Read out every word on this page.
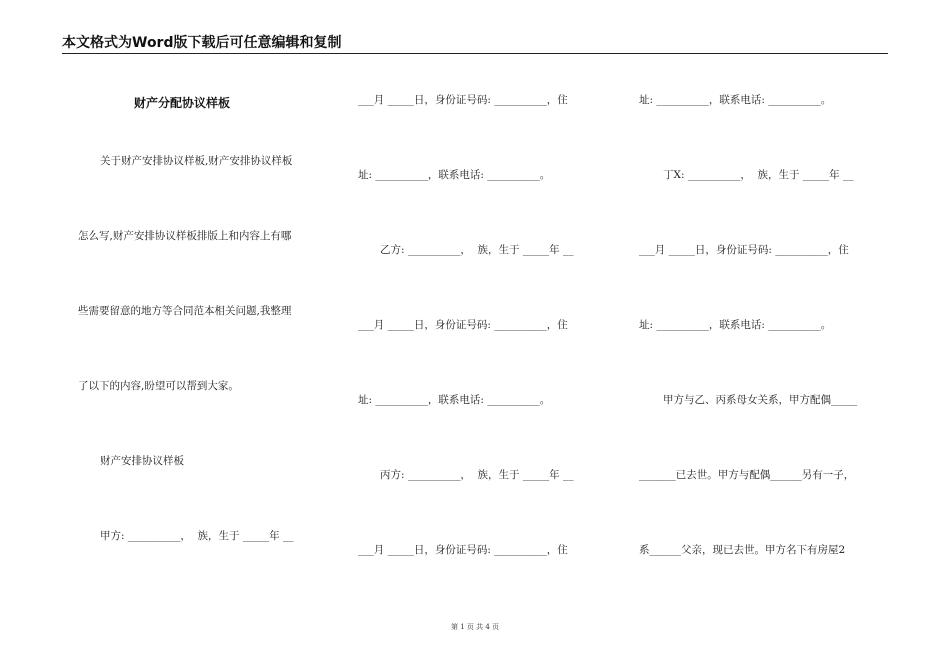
本文格式为Word版下载后可任意编辑和复制
财产分配协议样板
关于财产安排协议样板,财产安排协议样板
怎么写,财产安排协议样板排版上和内容上有哪
些需要留意的地方等合同范本相关问题,我整理
了以下的内容,盼望可以帮到大家。
财产安排协议样板
甲方: __________，  族，生于 _____年 __
___月 _____日，身份证号码: __________，住
址: __________，联系电话: __________。
乙方: __________，  族，生于 _____年 __
___月 _____日，身份证号码: __________，住
址: __________，联系电话: __________。
丙方: __________，  族，生于 _____年 __
___月 _____日，身份证号码: __________，住
址: __________，联系电话: __________。
丁X: __________，  族，生于 _____年 __
___月 _____日，身份证号码: __________，住
址: __________，联系电话: __________。
甲方与乙、丙系母女关系，甲方配偶_____
_______已去世。甲方与配偶______另有一子，
系______父亲，现已去世。甲方名下有房屋2
第 1 页 共 4 页
